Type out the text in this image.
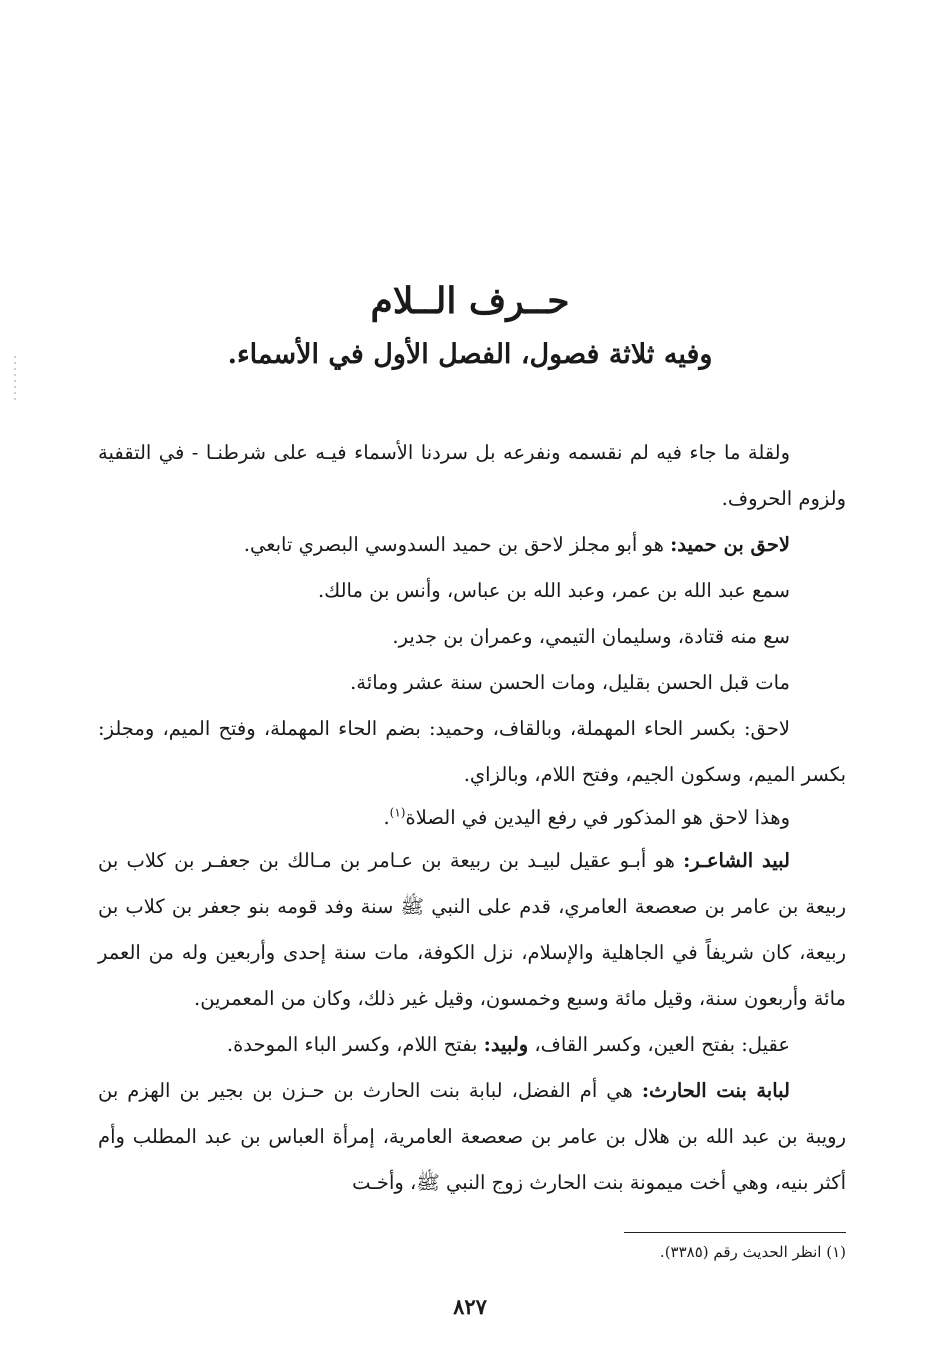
حــرف الــلام
وفيه ثلاثة فصول، الفصل الأول في الأسماء.

ولقلة ما جاء فيه لم نقسمه ونفرعه بل سردنا الأسماء فيـه على شرطنـا - في التقفية ولزوم الحروف.

لاحق بن حميد: هو أبو مجلز لاحق بن حميد السدوسي البصري تابعي.

سمع عبد الله بن عمر، وعبد الله بن عباس، وأنس بن مالك.

سع منه قتادة، وسليمان التيمي، وعمران بن جدير.

مات قبل الحسن بقليل، ومات الحسن سنة عشر ومائة.

لاحق: بكسر الحاء المهملة، وبالقاف، وحميد: بضم الحاء المهملة، وفتح الميم، ومجلز: بكسر الميم، وسكون الجيم، وفتح اللام، وبالزاي.

وهذا لاحق هو المذكور في رفع اليدين في الصلاة$^{(١)}$.

لبيد الشاعـر: هو أبـو عقيل لبيـد بن ربيعة بن عـامر بن مـالك بن جعفـر بن كلاب بن ربيعة بن عامر بن صعصعة العامري، قدم على النبي ﷺ سنة وفد قومه بنو جعفر بن كلاب بن ربيعة، كان شريفاً في الجاهلية والإسلام، نزل الكوفة، مات سنة إحدى وأربعين وله من العمر مائة وأربعون سنة، وقيل مائة وسبع وخمسون، وقيل غير ذلك، وكان من المعمرين.

عقيل: بفتح العين، وكسر القاف، ولبيد: بفتح اللام، وكسر الباء الموحدة.

لبابة بنت الحارث: هي أم الفضل، لبابة بنت الحارث بن حـزن بن بجير بن الهزم بن رويبة بن عبد الله بن هلال بن عامر بن صعصعة العامرية، إمرأة العباس بن عبد المطلب وأم أكثر بنيه، وهي أخت ميمونة بنت الحارث زوج النبي ﷺ، وأخـت

(١) انظر الحديث رقم (٣٣٨٥).
٨٢٧
